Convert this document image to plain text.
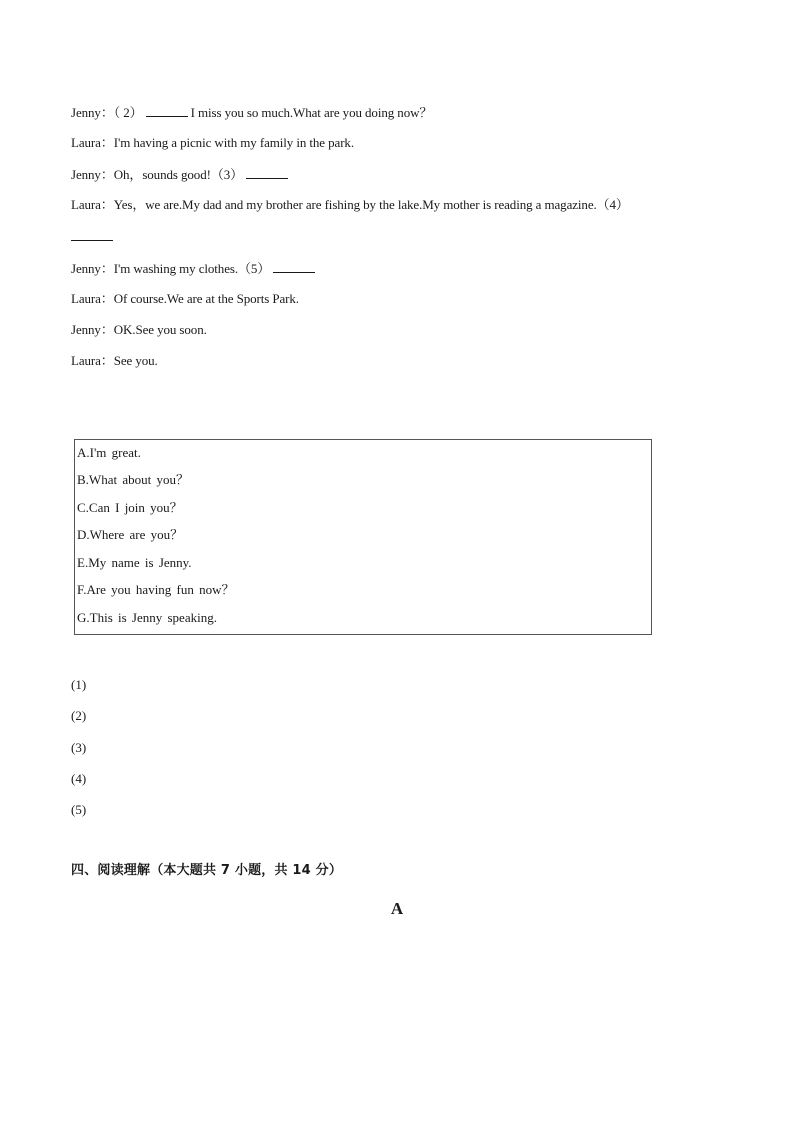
Jenny：（ 2）	I miss you so much.What are you doing now？
Laura：I'm having a picnic with my family in the park.
Jenny：Oh，sounds good!（3）
Laura：Yes，we are.My dad and my brother are fishing by the lake.My mother is reading a magazine.（4）
Jenny：I'm washing my clothes.（5）
Laura：Of course.We are at the Sports Park.
Jenny：OK.See you soon.
Laura：See you.
A.I'm great.
B.What about you？
C.Can I join you？
D.Where are you？
E.My name is Jenny.
F.Are you having fun now？
G.This is Jenny speaking.
(1)
(2)
(3)
(4)
(5)
四、阅读理解（本大题共 7 小题，共 14 分）
A
